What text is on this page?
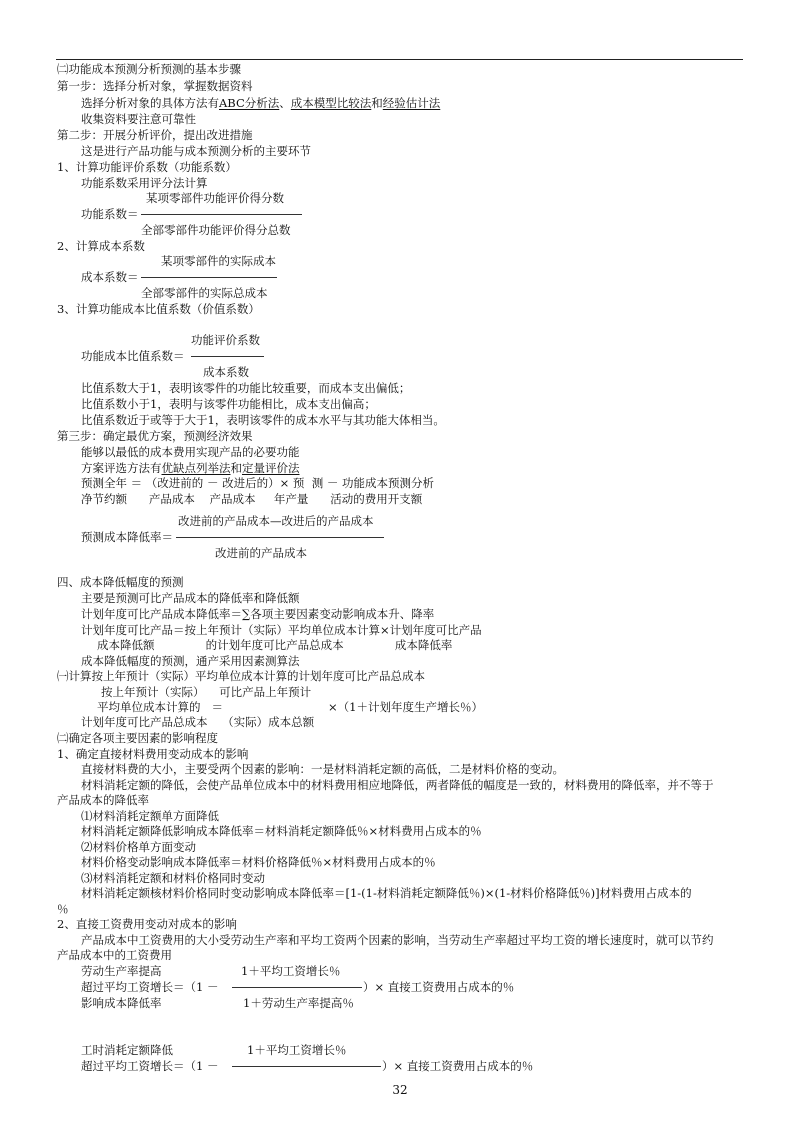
㈡功能成本预测分析预测的基本步骤
第一步：选择分析对象，掌握数据资料
选择分析对象的具体方法有ABC分析法、成本模型比较法和经验估计法
收集资料要注意可靠性
第二步：开展分析评价，提出改进措施
这是进行产品功能与成本预测分析的主要环节
1、计算功能评价系数（功能系数）
功能系数采用评分法计算
某项零部件功能评价得分数
功能系数＝
全部零部件功能评价得分总数
2、计算成本系数
某项零部件的实际成本
成本系数＝
全部零部件的实际总成本
3、计算功能成本比值系数（价值系数）
功能评价系数
功能成本比值系数＝
成本系数
比值系数大于1，表明该零件的功能比较重要，而成本支出偏低；
比值系数小于1，表明与该零件功能相比，成本支出偏高；
比值系数近于或等于大于1，表明该零件的成本水平与其功能大体相当。
第三步：确定最优方案，预测经济效果
能够以最低的成本费用实现产品的必要功能
方案评选方法有优缺点列举法和定量评价法
预测全年 ＝ （改进前的 － 改进后的）× 预  测 － 功能成本预测分析
净节约额      产品成本    产品成本     年产量      活动的费用开支额
改进前的产品成本—改进后的产品成本
预测成本降低率＝
改进前的产品成本
四、成本降低幅度的预测
主要是预测可比产品成本的降低率和降低额
计划年度可比产品成本降低率＝∑各项主要因素变动影响成本升、降率
计划年度可比产品＝按上年预计（实际）平均单位成本计算×计划年度可比产品
成本降低额              的计划年度可比产品总成本              成本降低率
成本降低幅度的预测，通产采用因素测算法
㈠计算按上年预计（实际）平均单位成本计算的计划年度可比产品总成本
按上年预计（实际）    可比产品上年预计
平均单位成本计算的   ＝	×（1＋计划年度生产增长％）
计划年度可比产品总成本    （实际）成本总额
㈡确定各项主要因素的影响程度
1、确定直接材料费用变动成本的影响
直接材料费的大小，主要受两个因素的影响：一是材料消耗定额的高低，二是材料价格的变动。
材料消耗定额的降低，会使产品单位成本中的材料费用相应地降低，两者降低的幅度是一致的，材料费用的降低率，并不等于
产品成本的降低率
⑴材料消耗定额单方面降低
材料消耗定额降低影响成本降低率＝材料消耗定额降低％×材料费用占成本的％
⑵材料价格单方面变动
材料价格变动影响成本降低率＝材料价格降低％×材料费用占成本的％
⑶材料消耗定额和材料价格同时变动
材料消耗定额核材料价格同时变动影响成本降低率＝[1-(1-材料消耗定额降低％)×(1-材料价格降低％)]材料费用占成本的
％
2、直接工资费用变动对成本的影响
产品成本中工资费用的大小受劳动生产率和平均工资两个因素的影响，当劳动生产率超过平均工资的增长速度时，就可以节约
产品成本中的工资费用
劳动生产率提高	1＋平均工资增长％
超过平均工资增长＝（1 －	）× 直接工资费用占成本的％
影响成本降低率	1＋劳动生产率提高％
工时消耗定额降低	1＋平均工资增长％
超过平均工资增长＝（1 －	）× 直接工资费用占成本的％
32
